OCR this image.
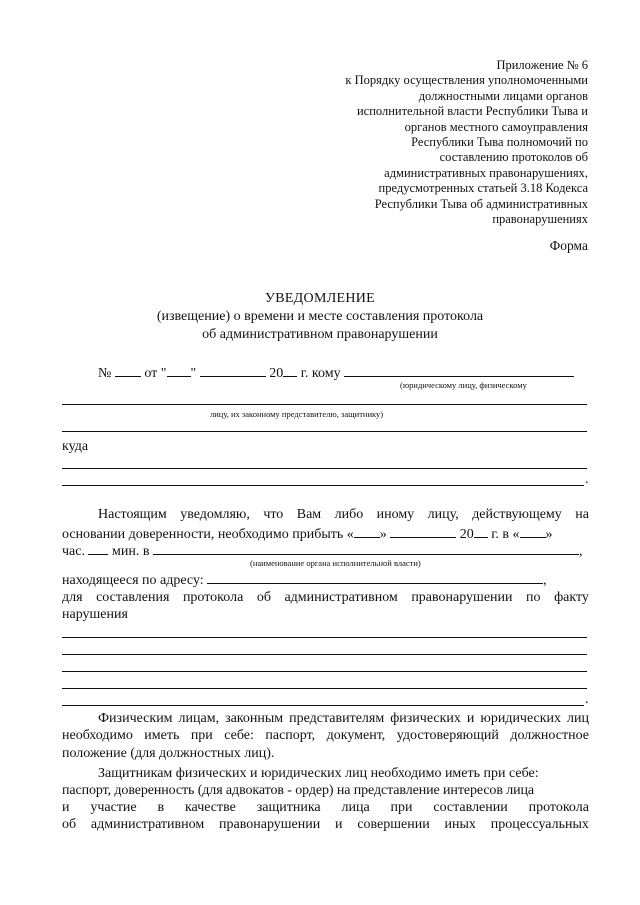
Приложение № 6
к Порядку осуществления уполномоченными
должностными лицами органов
исполнительной власти Республики Тыва и
органов местного самоуправления
Республики Тыва полномочий по
составлению протоколов об
административных правонарушениях,
предусмотренных статьей 3.18 Кодекса
Республики Тыва об административных
правонарушениях
Форма
УВЕДОМЛЕНИЕ
(извещение) о времени и месте составления протокола
об административном правонарушении
№ от " "	20 г. кому
(юридическому лицу, физическому
лицу, их законному представителю, защитнику)
куда
.
Настоящим уведомляю, что Вам либо иному лицу, действующему на
основании доверенности, необходимо прибыть « »	20 г. в « »
час. мин. в	,
(наименование органа исполнительной власти)
находящееся по адресу:	,
для составления протокола об административном правонарушении по факту
нарушения
.
Физическим лицам, законным представителям физических и юридических лиц необходимо иметь при себе: паспорт, документ, удостоверяющий должностное положение (для должностных лиц).
Защитникам физических и юридических лиц необходимо иметь при себе:
паспорт, доверенность (для адвокатов - ордер) на представление интересов лица
и участие в качестве защитника лица при составлении протокола
об административном правонарушении и совершении иных процессуальных
